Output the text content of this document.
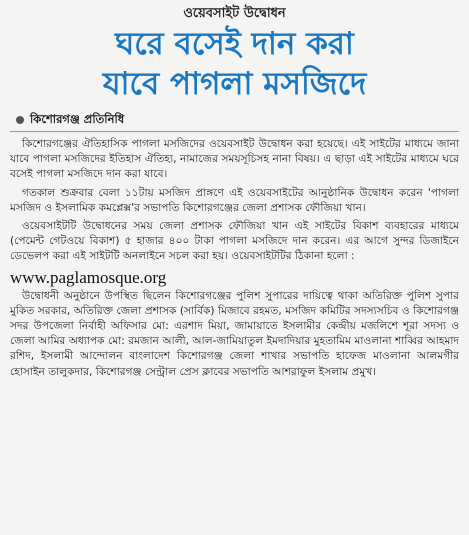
ওয়েবসাইট উদ্বোধন
ঘরে বসেই দান করা
যাবে পাগলা মসজিদে
কিশোরগঞ্জ প্রতিনিধি

কিশোরগঞ্জের ঐতিহাসিক পাগলা মসজিদের ওয়েবসাইট উদ্বোধন করা হয়েছে। এই সাইটের মাধ্যমে জানা যাবে পাগলা মসজিদের ইতিহাস ঐতিহ্য, নামাজের সময়সূচিসহ নানা বিষয়। এ ছাড়া এই সাইটের মাধ্যমে ঘরে বসেই পাগলা মসজিদে দান করা যাবে।

গতকাল শুক্রবার বেলা ১১টায় মসজিদ প্রাঙ্গণে এই ওয়েবসাইটের আনুষ্ঠানিক উদ্বোধন করেন 'পাগলা মসজিদ ও ইসলামিক কমপ্লেক্স'র সভাপতি কিশোরগঞ্জের জেলা প্রশাসক ফৌজিয়া খান।

ওয়েবসাইটটি উদ্বোধনের সময় জেলা প্রশাসক ফৌজিয়া খান এই সাইটের বিকাশ ব্যবহারের মাধ্যমে (পেমেন্ট গেটওয়ে বিকাশ) ৫ হাজার ৪০০ টাকা পাগলা মসজিদে দান করেন। এর আগে সুন্দর ডিজাইনে ডেভেলপ করা এই সাইটটি অনলাইনে সচল করা হয়। ওয়েবসাইটটির ঠিকানা হলো :

www.paglamosque.org

উদ্বোধনী অনুষ্ঠানে উপস্থিত ছিলেন কিশোরগঞ্জের পুলিশ সুপারের দায়িত্বে থাকা অতিরিক্ত পুলিশ সুপার মুকিত সরকার, অতিরিক্ত জেলা প্রশাসক (সার্বিক) মিজাবে রহমত, মসজিদ কমিটির সদস্যসচিব ও কিশোরগঞ্জ সদর উপজেলা নির্বাহী অফিসার মো: এরশাদ মিয়া, জামায়াতে ইসলামীর কেন্দ্রীয় মজলিশে শূরা সদস্য ও জেলা আমির অধ্যাপক মো: রমজান আলী, আল-জামিয়াতুল ইমদাদিয়ার মুহতামিম মাওলানা শাব্বির আহমাদ রশিদ, ইসলামী আন্দোলন বাংলাদেশ কিশোরগঞ্জ জেলা শাখার সভাপতি হাফেজ মাওলানা আলমগীর হোসাইন তালুকদার, কিশোরগঞ্জ সেন্ট্রাল প্রেস ক্লাবের সভাপতি আশরাফুল ইসলাম প্রমুখ।
